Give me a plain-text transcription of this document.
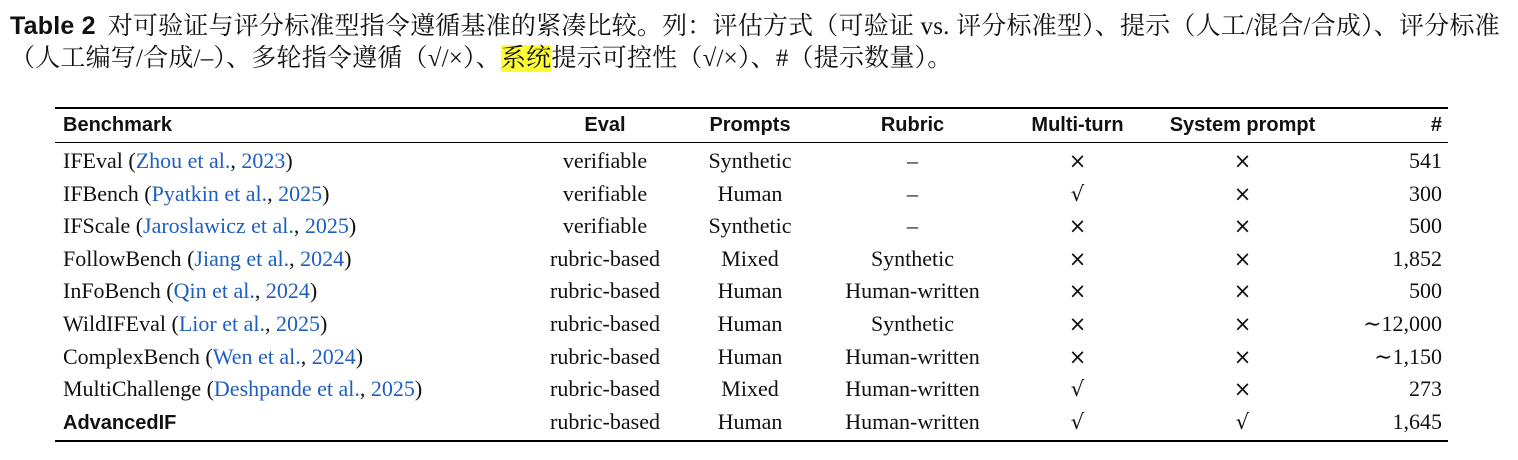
Table 2 对可验证与评分标准型指令遵循基准的紧凑比较。列：评估方式（可验证 vs. 评分标准型）、提示（人工/混合/合成）、评分标准（人工编写/合成/–）、多轮指令遵循（√/×）、系统提示可控性（√/×）、#（提示数量）。
Benchmark	Eval	Prompts	Rubric	Multi-turn	System prompt	#
IFEval (Zhou et al., 2023)	verifiable	Synthetic	–	×	×	541
IFBench (Pyatkin et al., 2025)	verifiable	Human	–	√	×	300
IFScale (Jaroslawicz et al., 2025)	verifiable	Synthetic	–	×	×	500
FollowBench (Jiang et al., 2024)	rubric-based	Mixed	Synthetic	×	×	1,852
InFoBench (Qin et al., 2024)	rubric-based	Human	Human-written	×	×	500
WildIFEval (Lior et al., 2025)	rubric-based	Human	Synthetic	×	×	∼12,000
ComplexBench (Wen et al., 2024)	rubric-based	Human	Human-written	×	×	∼1,150
MultiChallenge (Deshpande et al., 2025)	rubric-based	Mixed	Human-written	√	×	273
AdvancedIF	rubric-based	Human	Human-written	√	√	1,645
